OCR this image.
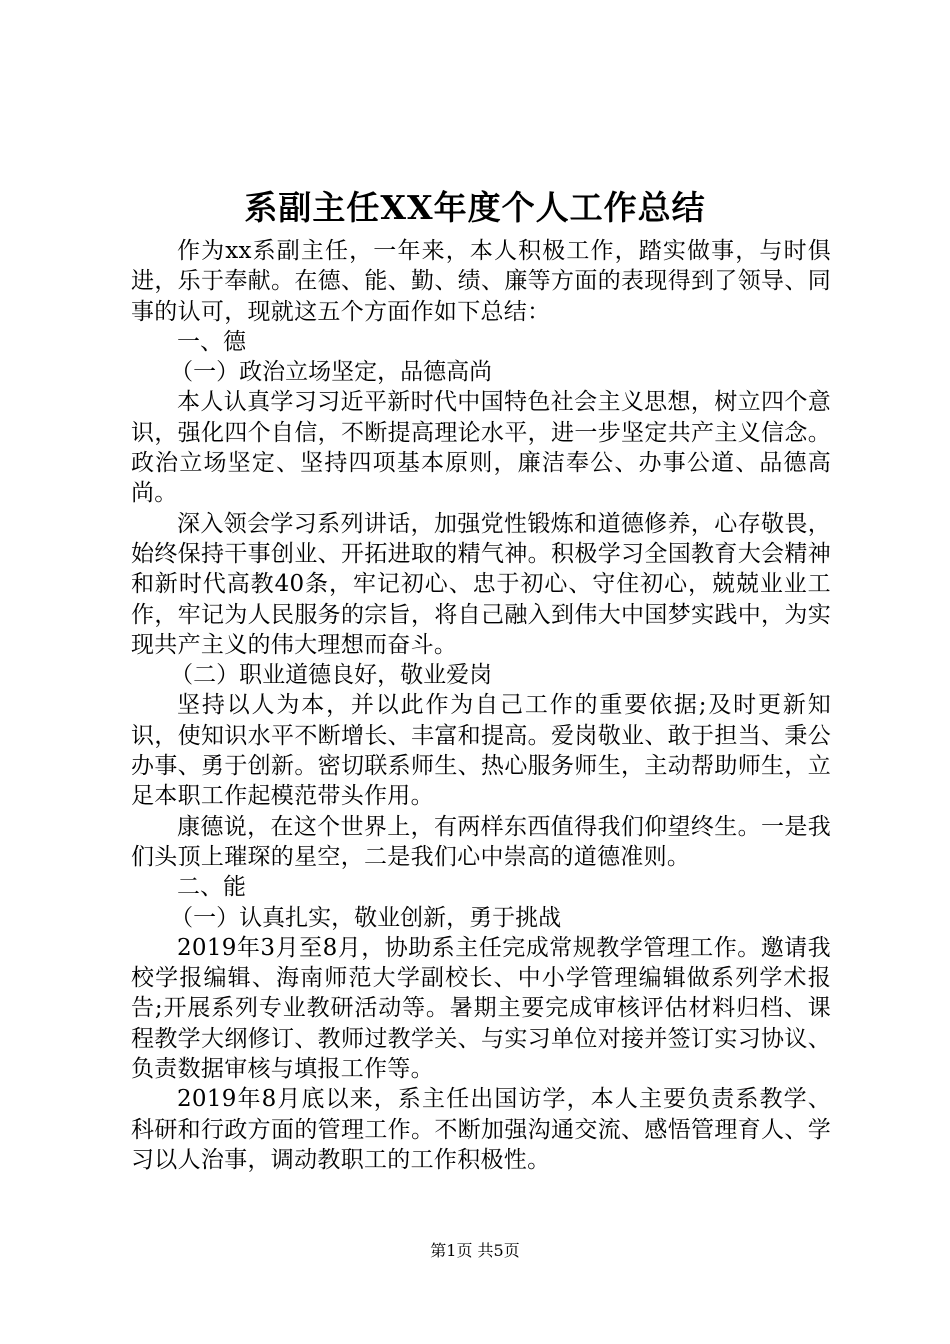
系副主任XX年度个人工作总结

作为xx系副主任，一年来，本人积极工作，踏实做事，与时俱进，乐于奉献。在德、能、勤、绩、廉等方面的表现得到了领导、同事的认可，现就这五个方面作如下总结：

一、德

（一）政治立场坚定，品德高尚

本人认真学习习近平新时代中国特色社会主义思想，树立四个意识，强化四个自信，不断提高理论水平，进一步坚定共产主义信念。政治立场坚定、坚持四项基本原则，廉洁奉公、办事公道、品德高尚。

深入领会学习系列讲话，加强党性锻炼和道德修养，心存敬畏，始终保持干事创业、开拓进取的精气神。积极学习全国教育大会精神和新时代高教40条，牢记初心、忠于初心、守住初心，兢兢业业工作，牢记为人民服务的宗旨，将自己融入到伟大中国梦实践中，为实现共产主义的伟大理想而奋斗。

（二）职业道德良好，敬业爱岗

坚持以人为本，并以此作为自己工作的重要依据;及时更新知识，使知识水平不断增长、丰富和提高。爱岗敬业、敢于担当、秉公办事、勇于创新。密切联系师生、热心服务师生，主动帮助师生，立足本职工作起模范带头作用。

康德说，在这个世界上，有两样东西值得我们仰望终生。一是我们头顶上璀琛的星空，二是我们心中崇高的道德准则。

二、能

（一）认真扎实，敬业创新，勇于挑战

2019年3月至8月，协助系主任完成常规教学管理工作。邀请我校学报编辑、海南师范大学副校长、中小学管理编辑做系列学术报告;开展系列专业教研活动等。暑期主要完成审核评估材料归档、课程教学大纲修订、教师过教学关、与实习单位对接并签订实习协议、负责数据审核与填报工作等。

2019年8月底以来，系主任出国访学，本人主要负责系教学、科研和行政方面的管理工作。不断加强沟通交流、感悟管理育人、学习以人治事，调动教职工的工作积极性。

第1页 共5页
